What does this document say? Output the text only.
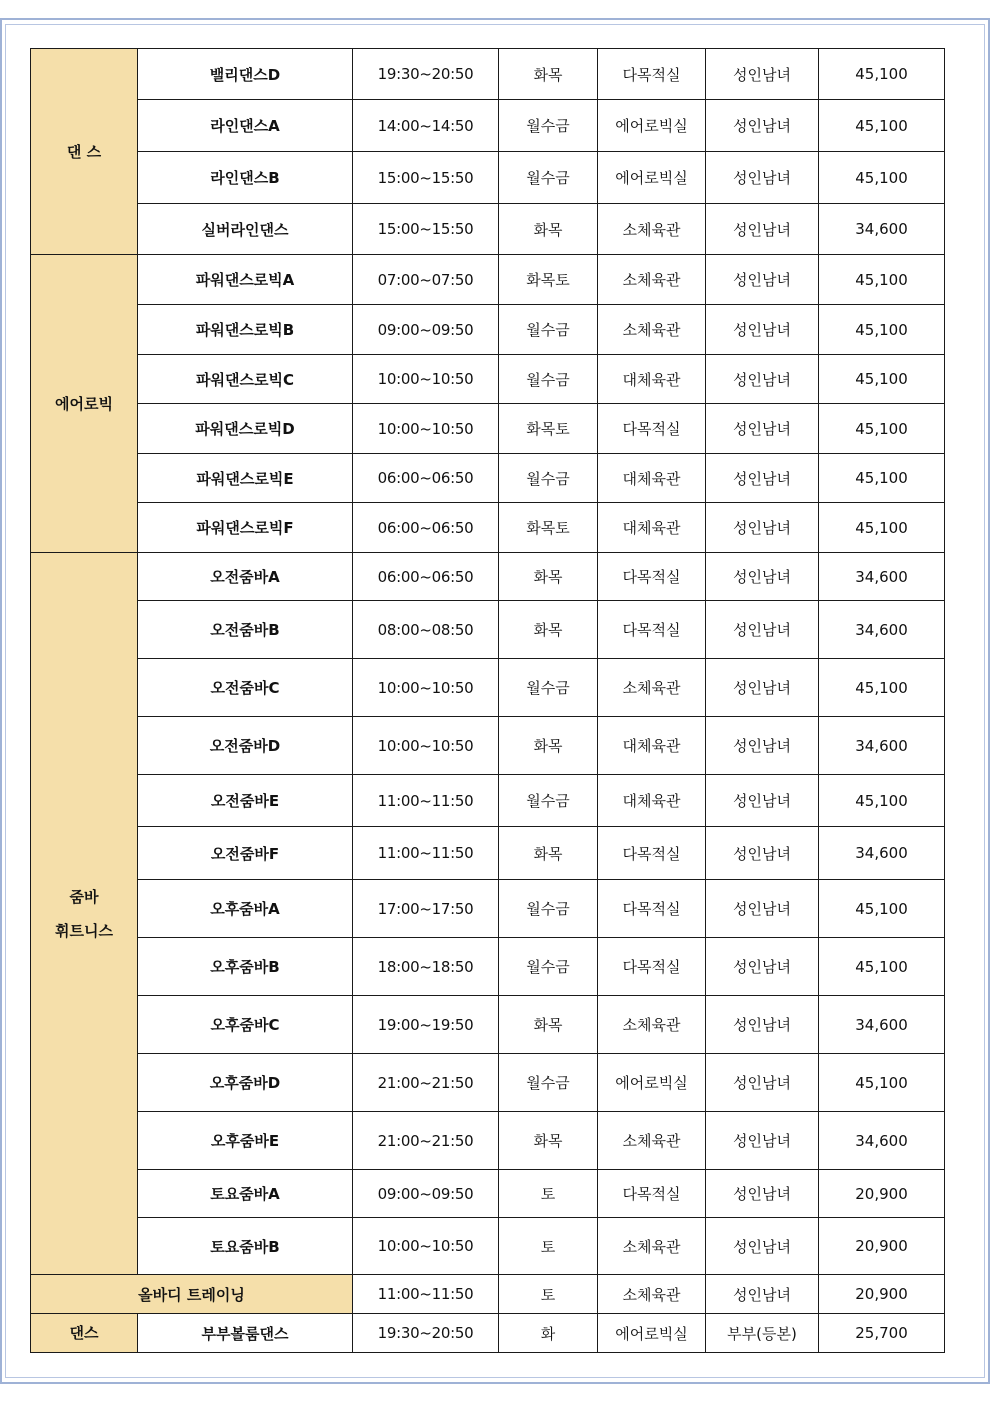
댄 스	밸리댄스D	19:30~20:50	화목	다목적실	성인남녀	45,100
	라인댄스A	14:00~14:50	월수금	에어로빅실	성인남녀	45,100
	라인댄스B	15:00~15:50	월수금	에어로빅실	성인남녀	45,100
	실버라인댄스	15:00~15:50	화목	소체육관	성인남녀	34,600
에어로빅	파워댄스로빅A	07:00~07:50	화목토	소체육관	성인남녀	45,100
	파워댄스로빅B	09:00~09:50	월수금	소체육관	성인남녀	45,100
	파워댄스로빅C	10:00~10:50	월수금	대체육관	성인남녀	45,100
	파워댄스로빅D	10:00~10:50	화목토	다목적실	성인남녀	45,100
	파워댄스로빅E	06:00~06:50	월수금	대체육관	성인남녀	45,100
	파워댄스로빅F	06:00~06:50	화목토	대체육관	성인남녀	45,100
줌바
휘트니스	오전줌바A	06:00~06:50	화목	다목적실	성인남녀	34,600
	오전줌바B	08:00~08:50	화목	다목적실	성인남녀	34,600
	오전줌바C	10:00~10:50	월수금	소체육관	성인남녀	45,100
	오전줌바D	10:00~10:50	화목	대체육관	성인남녀	34,600
	오전줌바E	11:00~11:50	월수금	대체육관	성인남녀	45,100
	오전줌바F	11:00~11:50	화목	다목적실	성인남녀	34,600
	오후줌바A	17:00~17:50	월수금	다목적실	성인남녀	45,100
	오후줌바B	18:00~18:50	월수금	다목적실	성인남녀	45,100
	오후줌바C	19:00~19:50	화목	소체육관	성인남녀	34,600
	오후줌바D	21:00~21:50	월수금	에어로빅실	성인남녀	45,100
	오후줌바E	21:00~21:50	화목	소체육관	성인남녀	34,600
	토요줌바A	09:00~09:50	토	다목적실	성인남녀	20,900
	토요줌바B	10:00~10:50	토	소체육관	성인남녀	20,900
올바디 트레이닝		11:00~11:50	토	소체육관	성인남녀	20,900
댄스	부부볼룸댄스	19:30~20:50	화	에어로빅실	부부(등본)	25,700
